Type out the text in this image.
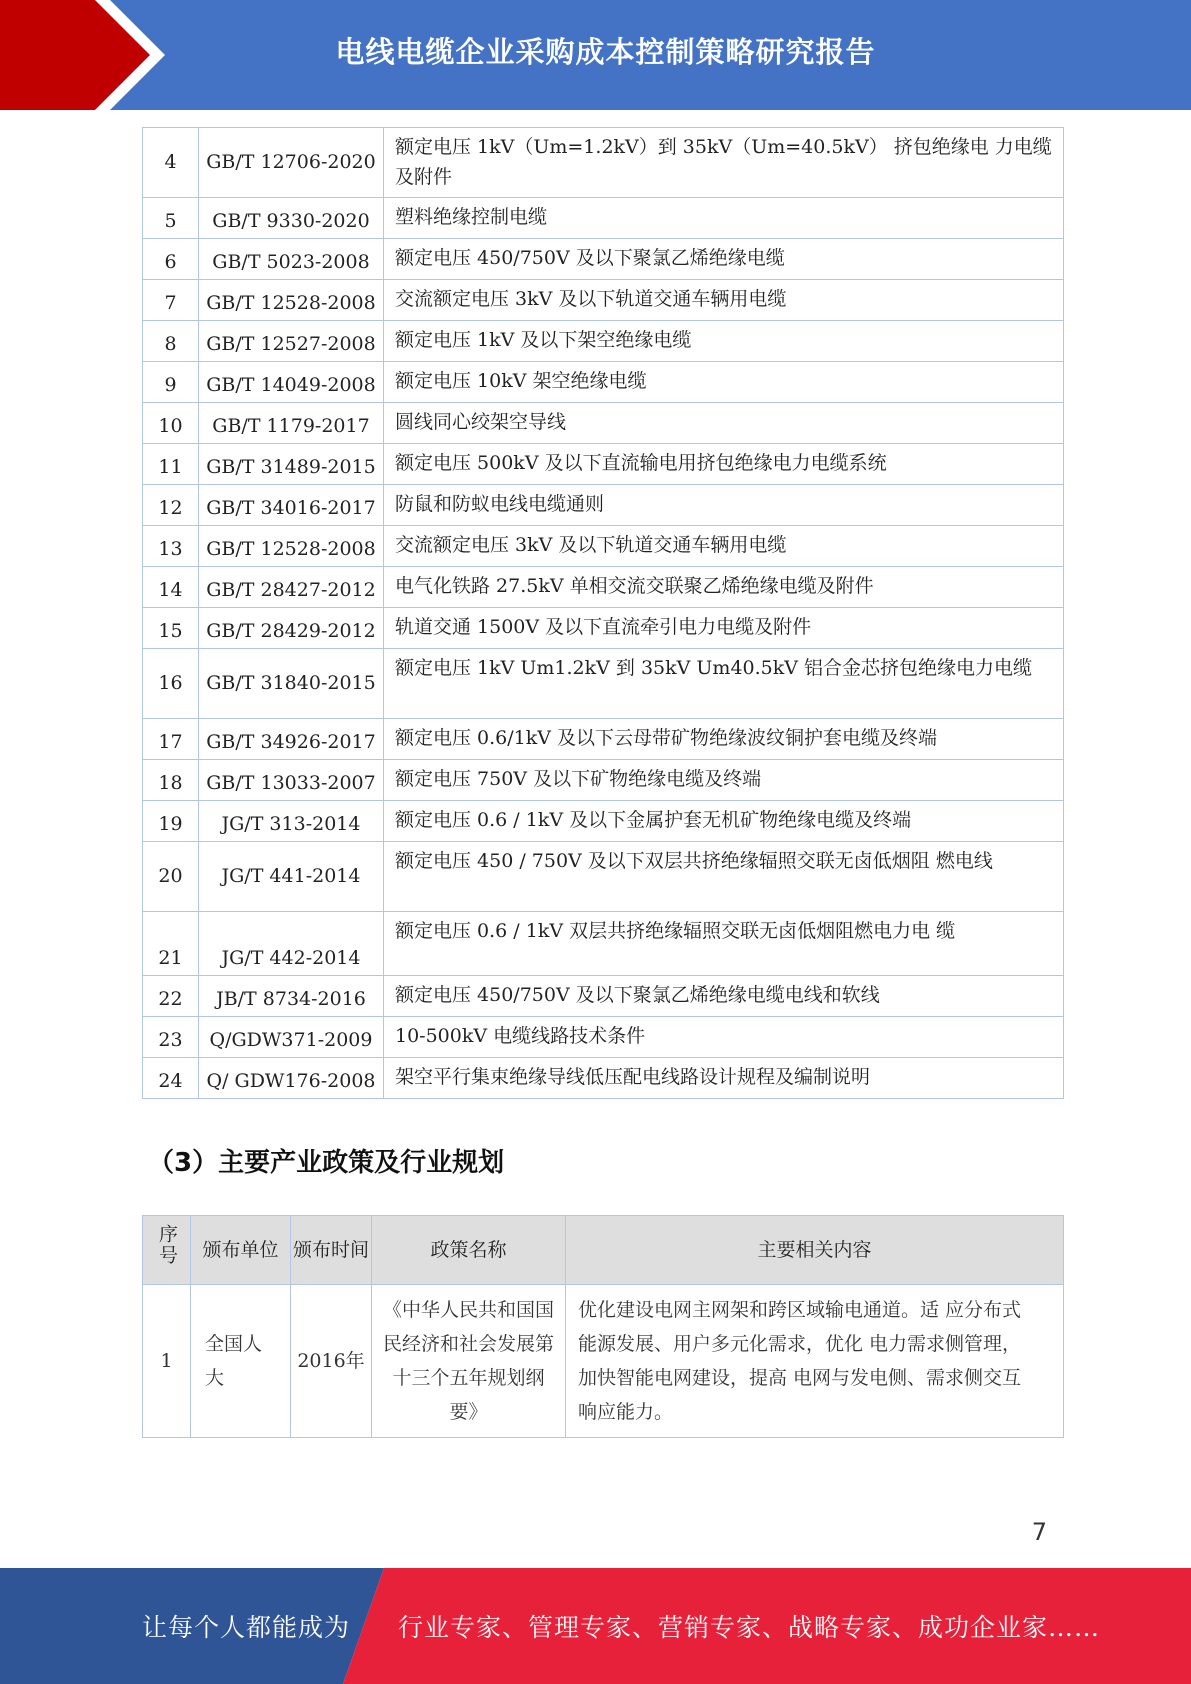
电线电缆企业采购成本控制策略研究报告
4	GB/T 12706-2020	额定电压 1kV（Um=1.2kV）到 35kV（Um=40.5kV） 挤包绝缘电 力电缆及附件
5	GB/T 9330-2020	塑料绝缘控制电缆
6	GB/T 5023-2008	额定电压 450/750V 及以下聚氯乙烯绝缘电缆
7	GB/T 12528-2008	交流额定电压 3kV 及以下轨道交通车辆用电缆
8	GB/T 12527-2008	额定电压 1kV 及以下架空绝缘电缆
9	GB/T 14049-2008	额定电压 10kV 架空绝缘电缆
10	GB/T 1179-2017	圆线同心绞架空导线
11	GB/T 31489-2015	额定电压 500kV 及以下直流输电用挤包绝缘电力电缆系统
12	GB/T 34016-2017	防鼠和防蚁电线电缆通则
13	GB/T 12528-2008	交流额定电压 3kV 及以下轨道交通车辆用电缆
14	GB/T 28427-2012	电气化铁路 27.5kV 单相交流交联聚乙烯绝缘电缆及附件
15	GB/T 28429-2012	轨道交通 1500V 及以下直流牵引电力电缆及附件
16	GB/T 31840-2015	额定电压 1kV Um1.2kV 到 35kV Um40.5kV 铝合金芯挤包绝缘电力电缆
17	GB/T 34926-2017	额定电压 0.6/1kV 及以下云母带矿物绝缘波纹铜护套电缆及终端
18	GB/T 13033-2007	额定电压 750V 及以下矿物绝缘电缆及终端
19	JG/T 313-2014	额定电压 0.6 / 1kV 及以下金属护套无机矿物绝缘电缆及终端
20	JG/T 441-2014	额定电压 450 / 750V 及以下双层共挤绝缘辐照交联无卤低烟阻 燃电线
21	JG/T 442-2014	额定电压 0.6 / 1kV 双层共挤绝缘辐照交联无卤低烟阻燃电力电 缆
22	JB/T 8734-2016	额定电压 450/750V 及以下聚氯乙烯绝缘电缆电线和软线
23	Q/GDW371-2009	10-500kV 电缆线路技术条件
24	Q/ GDW176-2008	架空平行集束绝缘导线低压配电线路设计规程及编制说明
（3）主要产业政策及行业规划
序号	颁布单位	颁布时间	政策名称	主要相关内容
1	全国人大	2016年	《中华人民共和国国民经济和社会发展第十三个五年规划纲要》	优化建设电网主网架和跨区域输电通道。适 应分布式能源发展、用户多元化需求，优化 电力需求侧管理，加快智能电网建设，提高 电网与发电侧、需求侧交互响应能力。
7
让每个人都能成为 行业专家、管理专家、营销专家、战略专家、成功企业家……
